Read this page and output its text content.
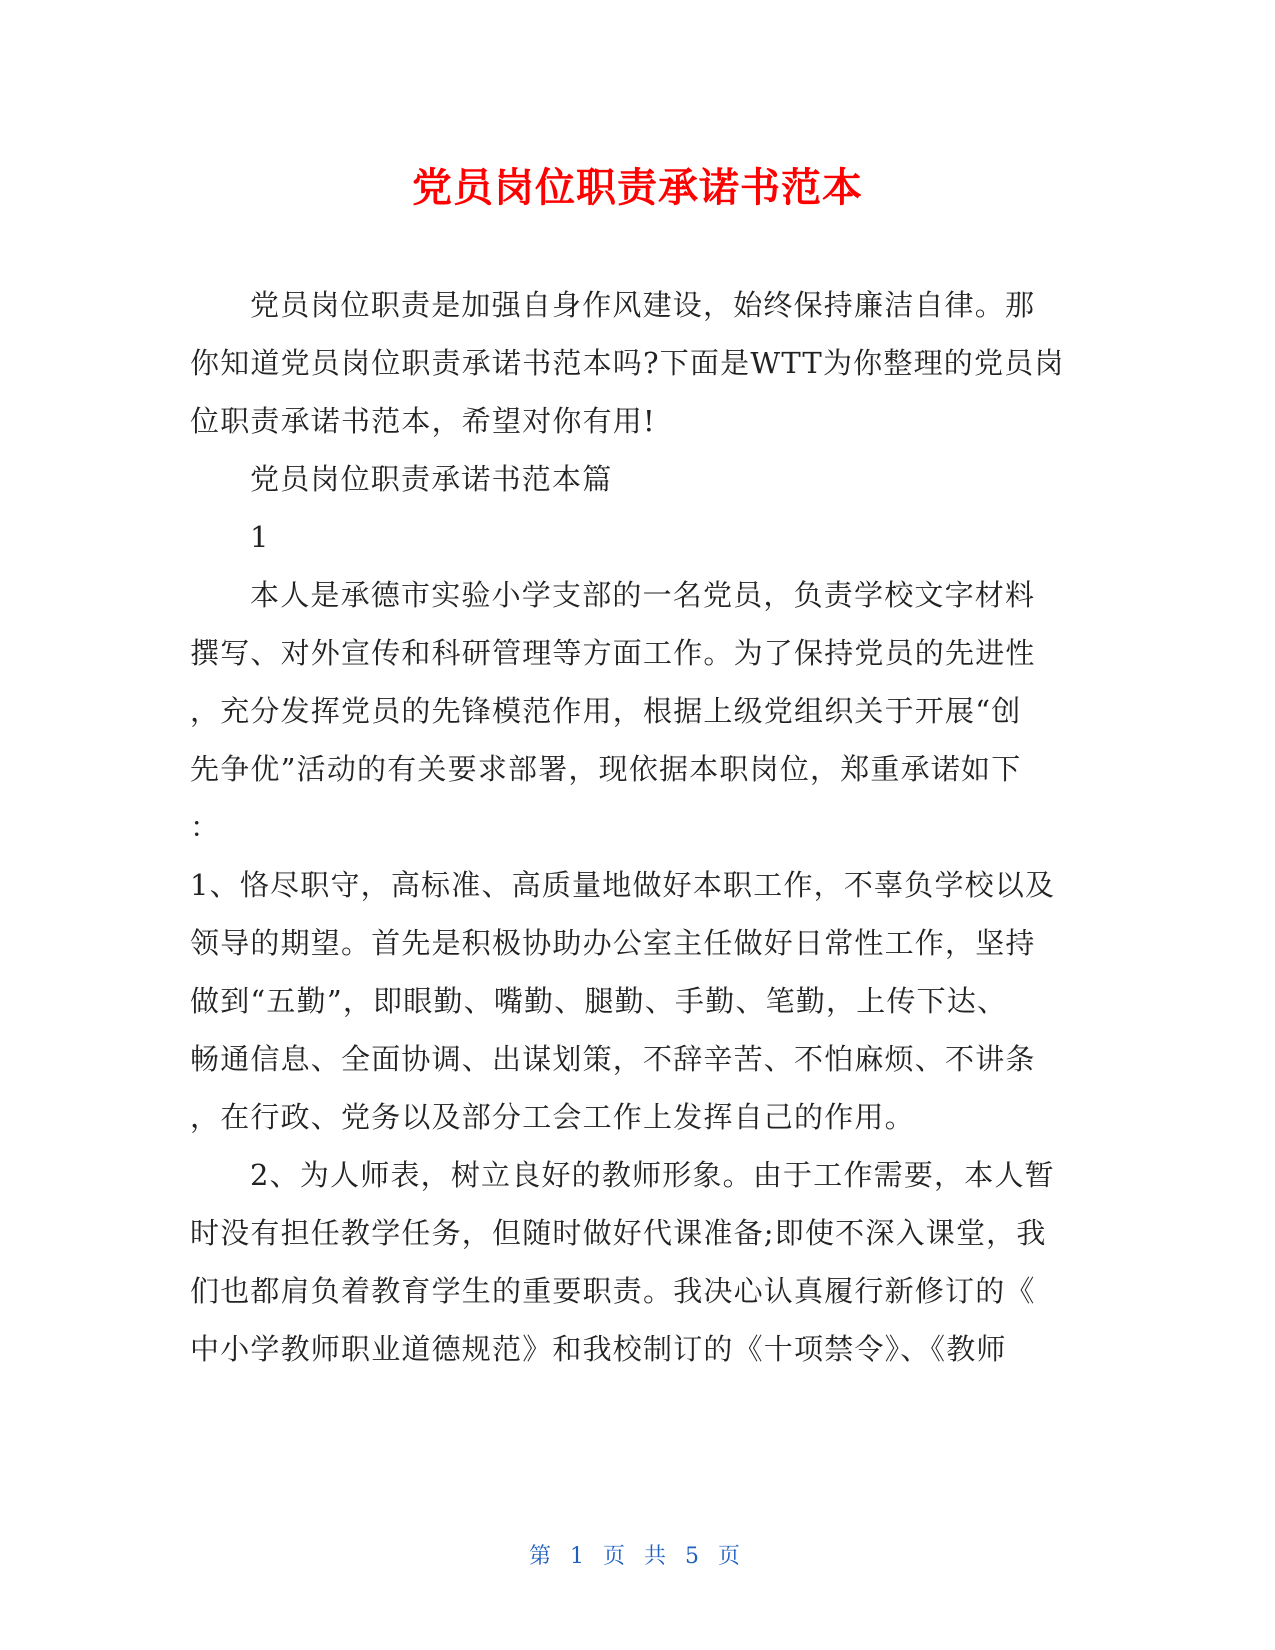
党员岗位职责承诺书范本
党员岗位职责是加强自身作风建设，始终保持廉洁自律。那
你知道党员岗位职责承诺书范本吗?下面是WTT为你整理的党员岗
位职责承诺书范本，希望对你有用!
党员岗位职责承诺书范本篇
1
本人是承德市实验小学支部的一名党员，负责学校文字材料
撰写、对外宣传和科研管理等方面工作。为了保持党员的先进性
，充分发挥党员的先锋模范作用，根据上级党组织关于开展“创
先争优”活动的有关要求部署，现依据本职岗位，郑重承诺如下
：
1、恪尽职守，高标准、高质量地做好本职工作，不辜负学校以及
领导的期望。首先是积极协助办公室主任做好日常性工作，坚持
做到“五勤”，即眼勤、嘴勤、腿勤、手勤、笔勤，上传下达、
畅通信息、全面协调、出谋划策，不辞辛苦、不怕麻烦、不讲条
，在行政、党务以及部分工会工作上发挥自己的作用。
2、为人师表，树立良好的教师形象。由于工作需要，本人暂
时没有担任教学任务，但随时做好代课准备;即使不深入课堂，我
们也都肩负着教育学生的重要职责。我决心认真履行新修订的《
中小学教师职业道德规范》和我校制订的《十项禁令》、《教师
第 1 页 共 5 页
